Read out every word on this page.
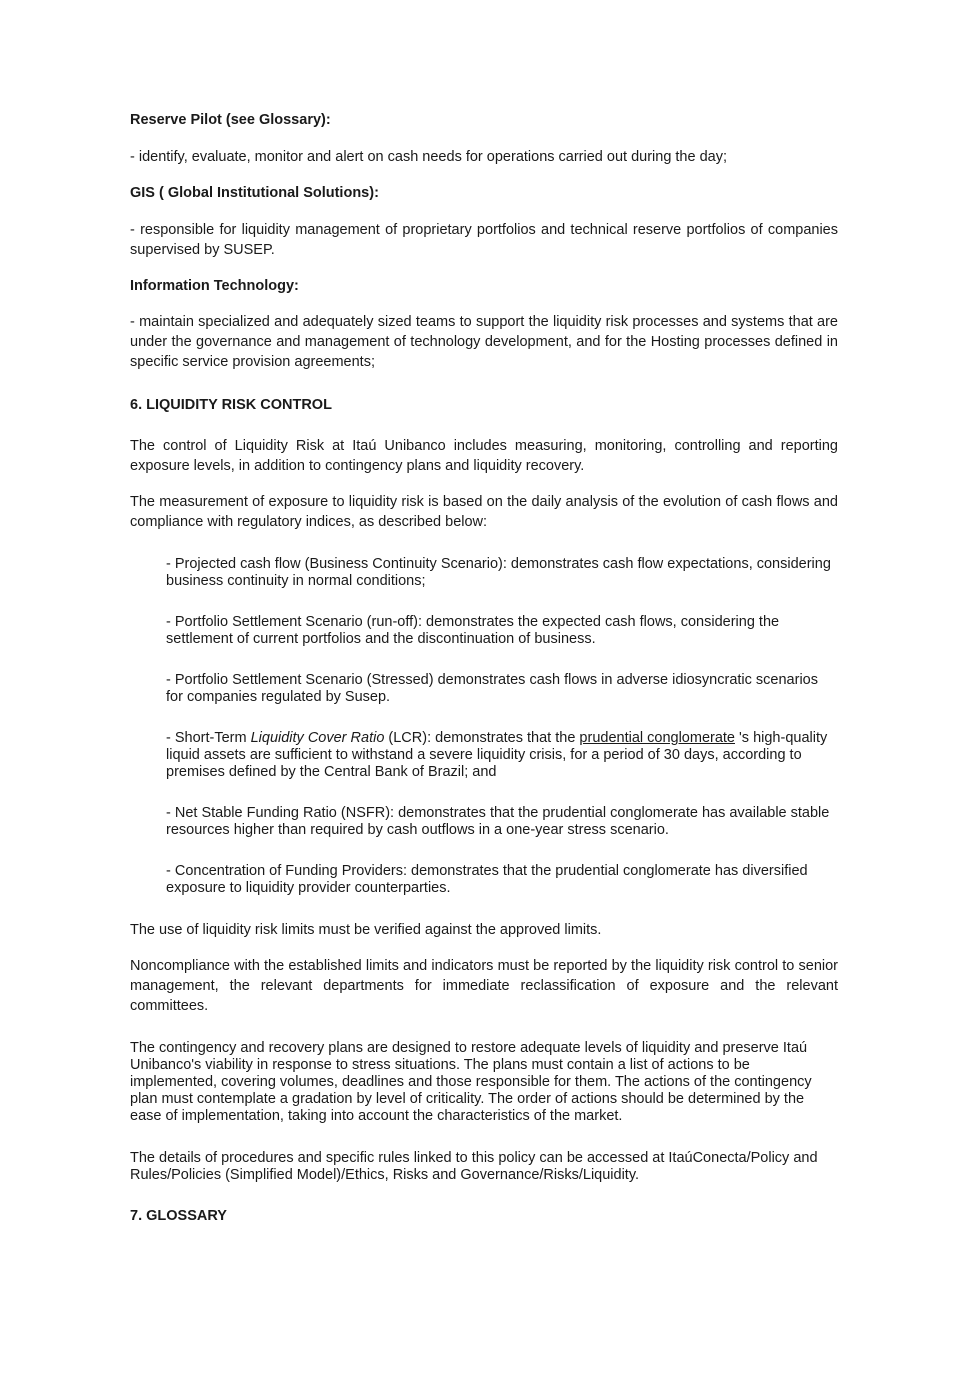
Reserve Pilot (see Glossary):

- identify, evaluate, monitor and alert on cash needs for operations carried out during the day;

GIS ( Global Institutional Solutions):

- responsible for liquidity management of proprietary portfolios and technical reserve portfolios of companies supervised by SUSEP.

Information Technology:

- maintain specialized and adequately sized teams to support the liquidity risk processes and systems that are under the governance and management of technology development, and for the Hosting processes defined in specific service provision agreements;

6. LIQUIDITY RISK CONTROL

The control of Liquidity Risk at Itaú Unibanco includes measuring, monitoring, controlling and reporting exposure levels, in addition to contingency plans and liquidity recovery.

The measurement of exposure to liquidity risk is based on the daily analysis of the evolution of cash flows and compliance with regulatory indices, as described below:

- Projected cash flow (Business Continuity Scenario): demonstrates cash flow expectations, considering business continuity in normal conditions;

- Portfolio Settlement Scenario (run-off): demonstrates the expected cash flows, considering the settlement of current portfolios and the discontinuation of business.

- Portfolio Settlement Scenario (Stressed) demonstrates cash flows in adverse idiosyncratic scenarios for companies regulated by Susep.

- Short-Term Liquidity Cover Ratio (LCR): demonstrates that the prudential conglomerate 's high-quality liquid assets are sufficient to withstand a severe liquidity crisis, for a period of 30 days, according to premises defined by the Central Bank of Brazil; and

- Net Stable Funding Ratio (NSFR): demonstrates that the prudential conglomerate has available stable resources higher than required by cash outflows in a one-year stress scenario.

- Concentration of Funding Providers: demonstrates that the prudential conglomerate has diversified exposure to liquidity provider counterparties.

The use of liquidity risk limits must be verified against the approved limits.

Noncompliance with the established limits and indicators must be reported by the liquidity risk control to senior management, the relevant departments for immediate reclassification of exposure and the relevant committees.

The contingency and recovery plans are designed to restore adequate levels of liquidity and preserve Itaú Unibanco's viability in response to stress situations. The plans must contain a list of actions to be implemented, covering volumes, deadlines and those responsible for them. The actions of the contingency plan must contemplate a gradation by level of criticality. The order of actions should be determined by the ease of implementation, taking into account the characteristics of the market.

The details of procedures and specific rules linked to this policy can be accessed at ItaúConecta/Policy and Rules/Policies (Simplified Model)/Ethics, Risks and Governance/Risks/Liquidity.

7. GLOSSARY
